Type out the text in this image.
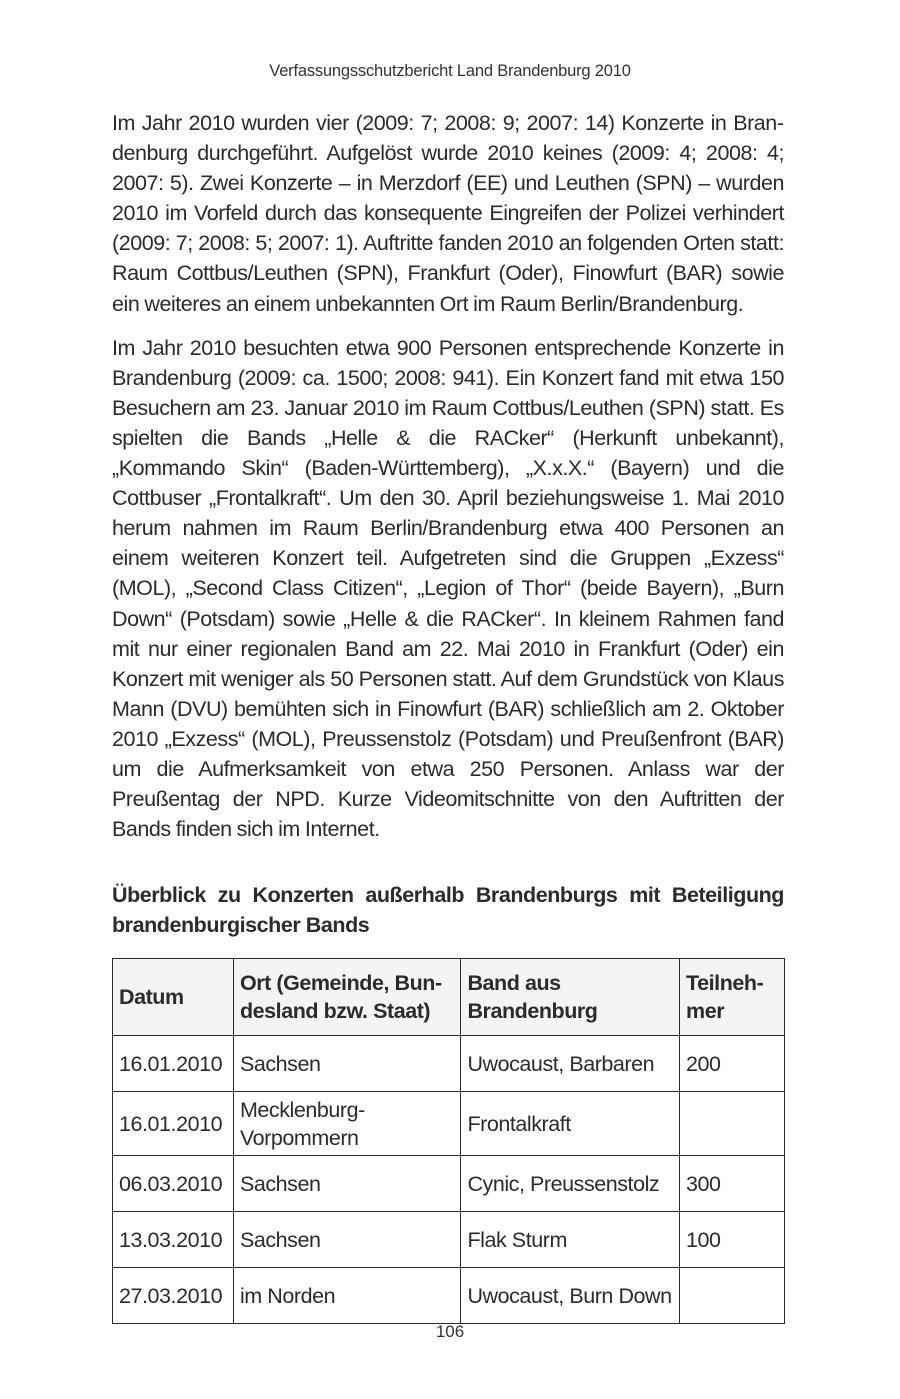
Verfassungsschutzbericht Land Brandenburg 2010

Im Jahr 2010 wurden vier (2009: 7; 2008: 9; 2007: 14) Konzerte in Brandenburg durchgeführt. Aufgelöst wurde 2010 keines (2009: 4; 2008: 4; 2007: 5). Zwei Konzerte – in Merzdorf (EE) und Leuthen (SPN) – wurden 2010 im Vorfeld durch das konsequente Eingreifen der Polizei verhindert (2009: 7; 2008: 5; 2007: 1). Auftritte fanden 2010 an folgenden Orten statt: Raum Cottbus/Leuthen (SPN), Frankfurt (Oder), Finowfurt (BAR) sowie ein weiteres an einem unbekannten Ort im Raum Berlin/Brandenburg.

Im Jahr 2010 besuchten etwa 900 Personen entsprechende Konzerte in Brandenburg (2009: ca. 1500; 2008: 941). Ein Konzert fand mit etwa 150 Besuchern am 23. Januar 2010 im Raum Cottbus/Leuthen (SPN) statt. Es spielten die Bands „Helle & die RACker“ (Herkunft unbekannt), „Kommando Skin“ (Baden-Württemberg), „X.x.X.“ (Bayern) und die Cottbuser „Frontalkraft“. Um den 30. April beziehungsweise 1. Mai 2010 herum nahmen im Raum Berlin/Brandenburg etwa 400 Personen an einem weiteren Konzert teil. Aufgetreten sind die Gruppen „Exzess“ (MOL), „Second Class Citizen“, „Legion of Thor“ (beide Bayern), „Burn Down“ (Potsdam) sowie „Helle & die RACker“. In kleinem Rahmen fand mit nur einer regionalen Band am 22. Mai 2010 in Frankfurt (Oder) ein Konzert mit weniger als 50 Personen statt. Auf dem Grundstück von Klaus Mann (DVU) bemühten sich in Finowfurt (BAR) schließlich am 2. Oktober 2010 „Exzess“ (MOL), Preussenstolz (Potsdam) und Preußenfront (BAR) um die Aufmerksamkeit von etwa 250 Personen. Anlass war der Preußentag der NPD. Kurze Videomitschnitte von den Auftritten der Bands finden sich im Internet.

Überblick zu Konzerten außerhalb Brandenburgs mit Beteiligung brandenburgischer Bands
Datum	Ort (Gemeinde, Bundesland bzw. Staat)	Band aus Brandenburg	Teilnehmer
16.01.2010	Sachsen	Uwocaust, Barbaren	200
16.01.2010	Mecklenburg-Vorpommern	Frontalkraft	
06.03.2010	Sachsen	Cynic, Preussenstolz	300
13.03.2010	Sachsen	Flak Sturm	100
27.03.2010	im Norden	Uwocaust, Burn Down	
106
